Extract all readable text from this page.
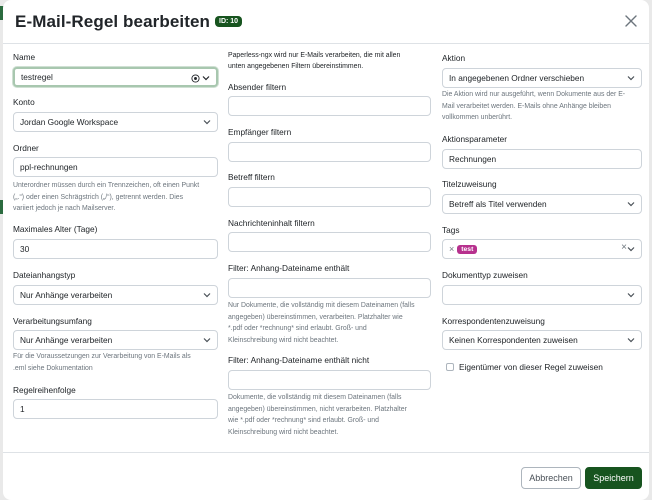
E-Mail-Regel bearbeiten	ID: 10
Name
testregel
Konto
Jordan Google Workspace
Ordner
ppl-rechnungen
Unterordner müssen durch ein Trennzeichen, oft einen Punkt
(„.“) oder einen Schrägstrich („/“), getrennt werden. Dies
variiert jedoch je nach Mailserver.
Maximales Alter (Tage)
30
Dateianhangstyp
Nur Anhänge verarbeiten
Verarbeitungsumfang
Nur Anhänge verarbeiten
Für die Voraussetzungen zur Verarbeitung von E-Mails als
.eml siehe Dokumentation
Regelreihenfolge
1
Paperless-ngx wird nur E-Mails verarbeiten, die mit allen
unten angegebenen Filtern übereinstimmen.
Absender filtern
Empfänger filtern
Betreff filtern
Nachrichteninhalt filtern
Filter: Anhang-Dateiname enthält
Nur Dokumente, die vollständig mit diesem Dateinamen (falls
angegeben) übereinstimmen, verarbeiten. Platzhalter wie
*.pdf oder *rechnung* sind erlaubt. Groß- und
Kleinschreibung wird nicht beachtet.
Filter: Anhang-Dateiname enthält nicht
Dokumente, die vollständig mit diesem Dateinamen (falls
angegeben) übereinstimmen, nicht verarbeiten. Platzhalter
wie *.pdf oder *rechnung* sind erlaubt. Groß- und
Kleinschreibung wird nicht beachtet.
Aktion
In angegebenen Ordner verschieben
Die Aktion wird nur ausgeführt, wenn Dokumente aus der E-
Mail verarbeitet werden. E-Mails ohne Anhänge bleiben
vollkommen unberührt.
Aktionsparameter
Rechnungen
Titelzuweisung
Betreff als Titel verwenden
Tags
×	test	×
Dokumenttyp zuweisen
Korrespondentenzuweisung
Keinen Korrespondenten zuweisen
Eigentümer von dieser Regel zuweisen
Abbrechen	Speichern
